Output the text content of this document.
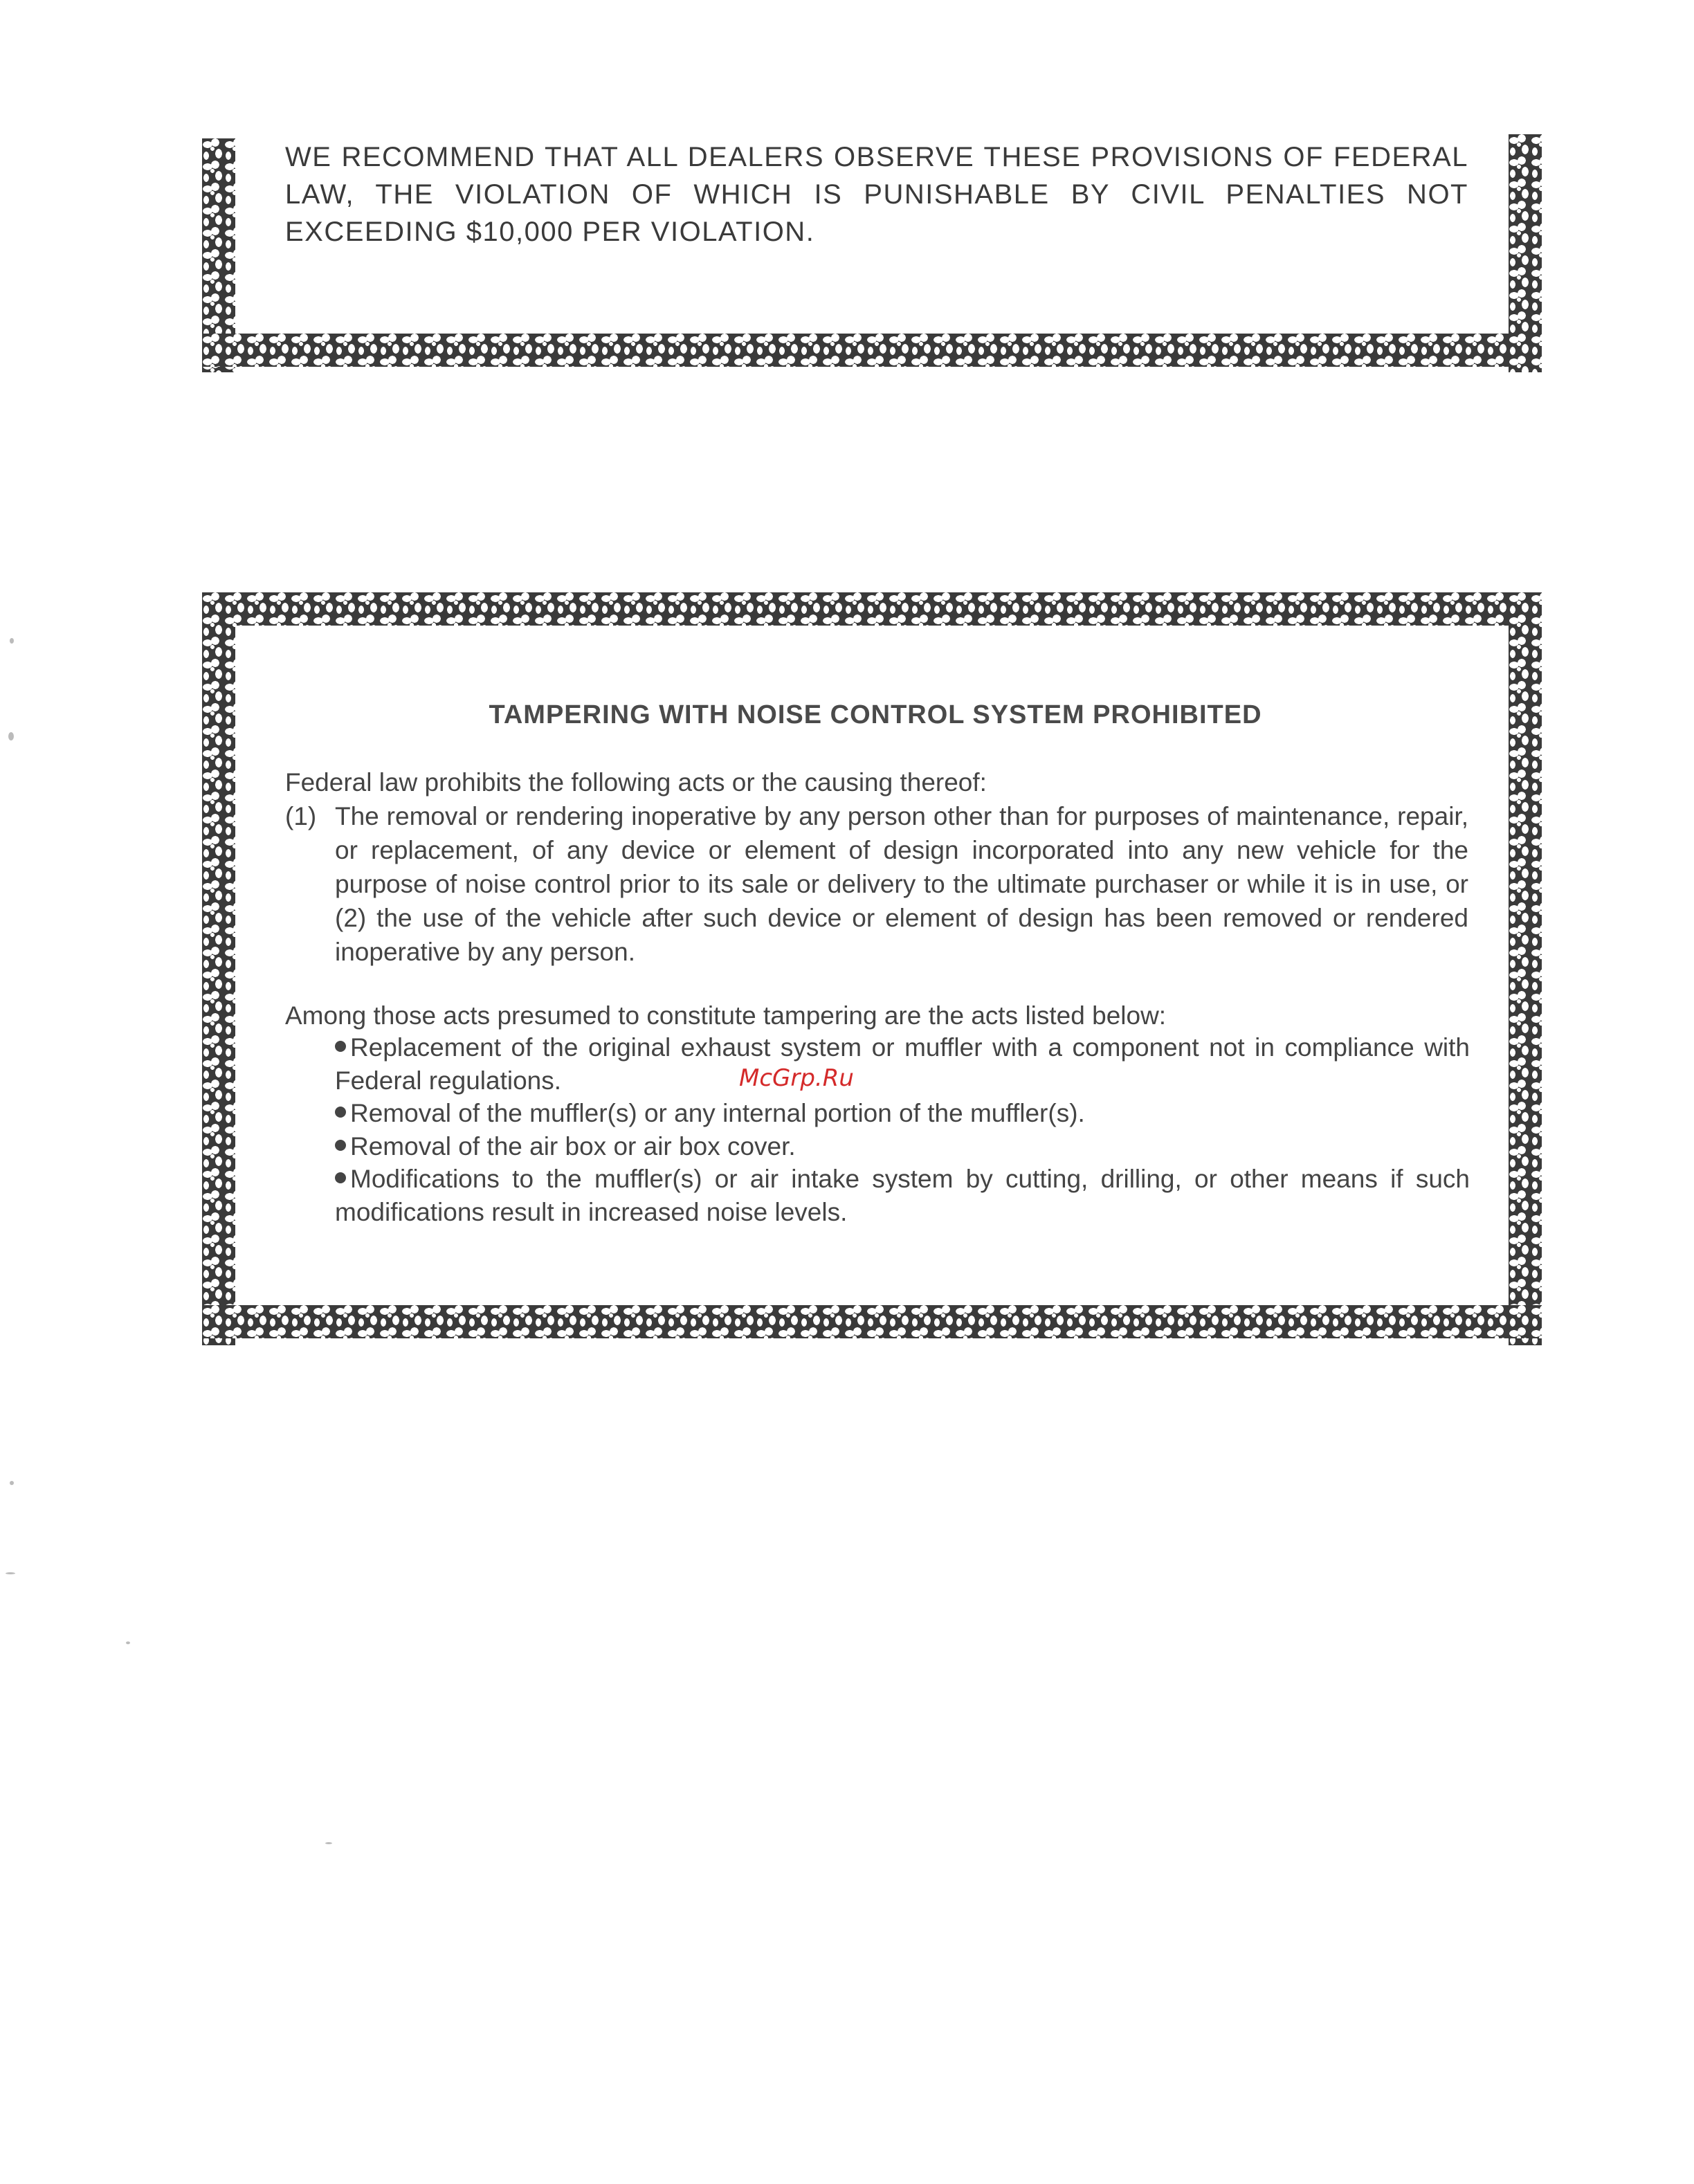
WE RECOMMEND THAT ALL DEALERS OBSERVE THESE PROVISIONS OF FEDERAL LAW, THE VIOLATION OF WHICH IS PUNISHABLE BY CIVIL PENALTIES NOT EXCEEDING $10,000 PER VIOLATION.
TAMPERING WITH NOISE CONTROL SYSTEM PROHIBITED
Federal law prohibits the following acts or the causing thereof:
(1) The removal or rendering inoperative by any person other than for purposes of maintenance, repair, or replacement, of any device or element of design incorporated into any new vehicle for the purpose of noise control prior to its sale or delivery to the ultimate purchaser or while it is in use, or (2) the use of the vehicle after such device or element of design has been removed or rendered inoperative by any person.
Among those acts presumed to constitute tampering are the acts listed below:
Replacement of the original exhaust system or muffler with a component not in compliance with Federal regulations.
Removal of the muffler(s) or any internal portion of the muffler(s).
Removal of the air box or air box cover.
Modifications to the muffler(s) or air intake system by cutting, drilling, or other means if such modifications result in increased noise levels.
McGrp.Ru
